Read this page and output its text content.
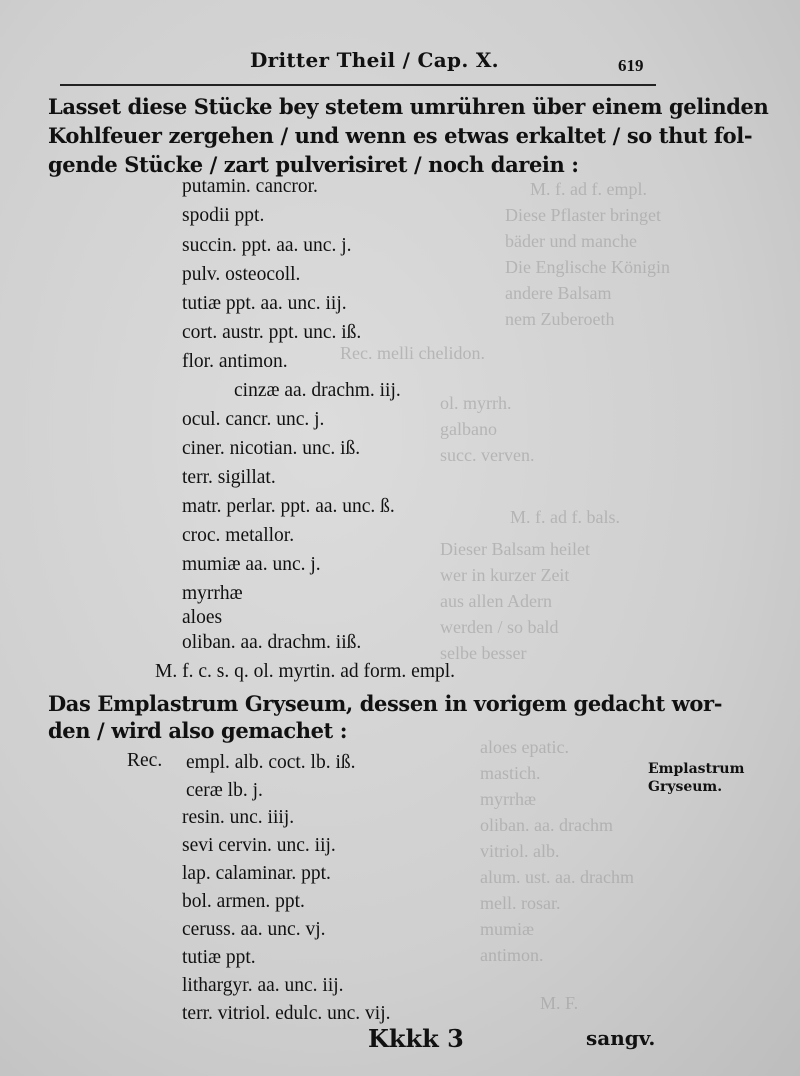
M. f. ad f. empl.
Diese Pflaster bringet
bäder und manche
Die Englische Königin
andere Balsam
nem Zuberoeth
Rec. melli chelidon.
ol. myrrh.
galbano
succ. verven.
M. f. ad f. bals.
Dieser Balsam heilet
wer in kurzer Zeit
aus allen Adern
werden / so bald
selbe besser
aloes epatic.
mastich.
myrrhæ
oliban. aa. drachm
vitriol. alb.
alum. ust. aa. drachm
mell. rosar.
mumiæ
antimon.
M. F.
Dritter Theil / Cap. X.	619
Lasset diese Stücke bey stetem umrühren über einem gelinden
Kohlfeuer zergehen / und wenn es etwas erkaltet / so thut fol-
gende Stücke / zart pulverisiret / noch darein :
putamin. cancror.
spodii ppt.
succin. ppt. aa. unc. j.
pulv. osteocoll.
tutiæ ppt. aa. unc. iij.
cort. austr. ppt. unc. iß.
flor. antimon.
cinzæ aa. drachm. iij.
ocul. cancr. unc. j.
ciner. nicotian. unc. iß.
terr. sigillat.
matr. perlar. ppt. aa. unc. ß.
croc. metallor.
mumiæ aa. unc. j.
myrrhæ
aloes
oliban. aa. drachm. iiß.
M. f. c. s. q. ol. myrtin. ad form. empl.
Das Emplastrum Gryseum, dessen in vorigem gedacht wor-
den / wird also gemachet :
Rec. empl. alb. coct. lb. iß.
ceræ lb. j.
resin. unc. iiij.
sevi cervin. unc. iij.
lap. calaminar. ppt.
bol. armen. ppt.
ceruss. aa. unc. vj.
tutiæ ppt.
lithargyr. aa. unc. iij.
terr. vitriol. edulc. unc. vij.
Emplastrum
Gryseum.
Kkkk 3	sangv.
